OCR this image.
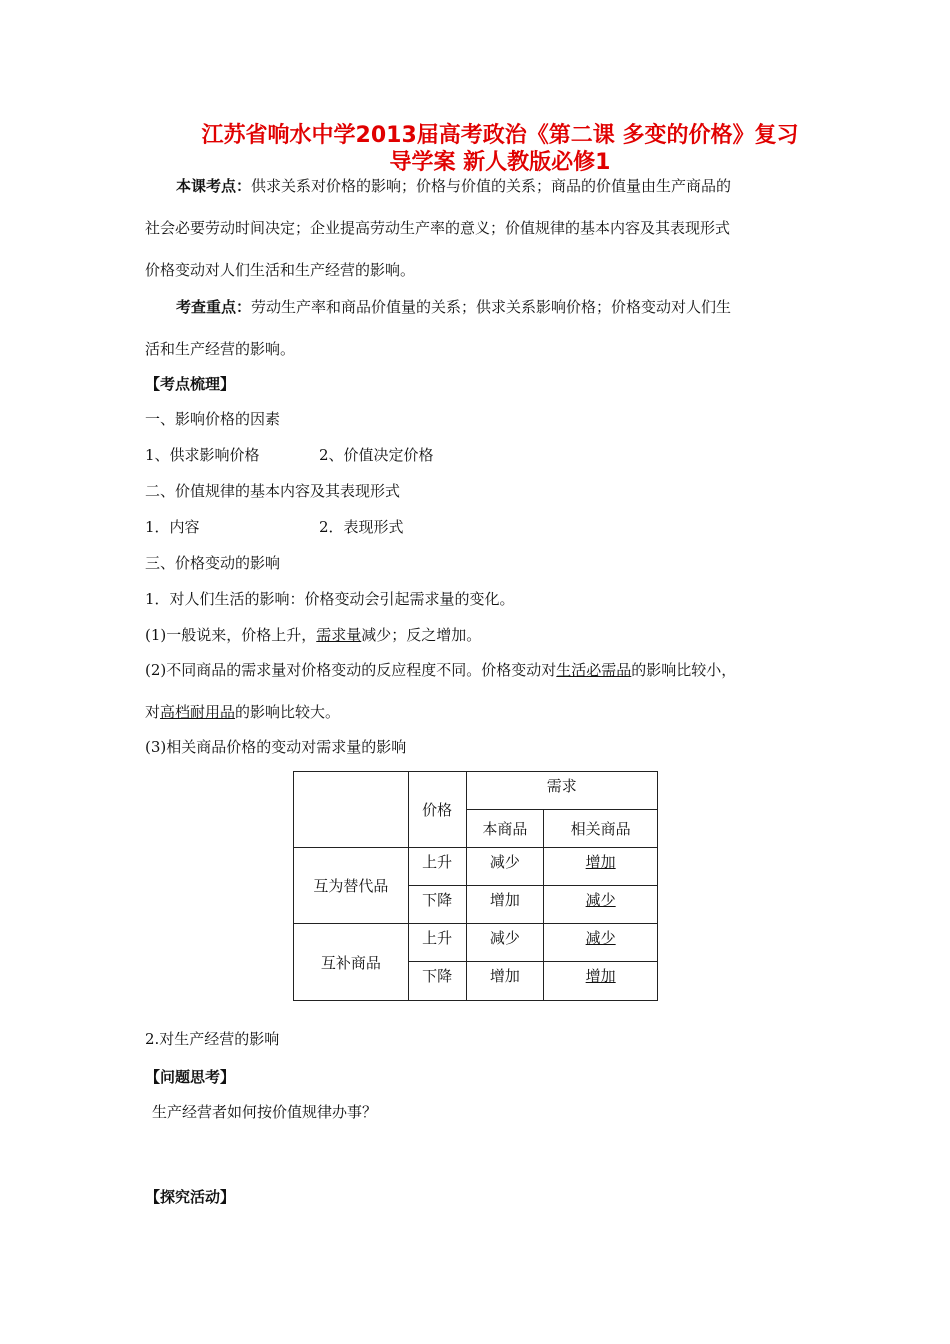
江苏省响水中学2013届高考政治《第二课 多变的价格》复习
导学案 新人教版必修1
本课考点：供求关系对价格的影响；价格与价值的关系；商品的价值量由生产商品的
社会必要劳动时间决定；企业提高劳动生产率的意义；价值规律的基本内容及其表现形式
价格变动对人们生活和生产经营的影响。
考查重点：劳动生产率和商品价值量的关系；供求关系影响价格；价格变动对人们生
活和生产经营的影响。
【考点梳理】
一、影响价格的因素
1、供求影响价格	2、价值决定价格
二、价值规律的基本内容及其表现形式
1．内容	2．表现形式
三、价格变动的影响
1．对人们生活的影响：价格变动会引起需求量的变化。
(1)一般说来，价格上升，需求量减少；反之增加。
(2)不同商品的需求量对价格变动的反应程度不同。价格变动对生活必需品的影响比较小，
对高档耐用品的影响比较大。
(3)相关商品价格的变动对需求量的影响
	价格	需求	
		本商品	相关商品
互为替代品	上升	减少	增加
	下降	增加	减少
互补商品	上升	减少	减少
	下降	增加	增加
2.对生产经营的影响
【问题思考】
生产经营者如何按价值规律办事？
【探究活动】
